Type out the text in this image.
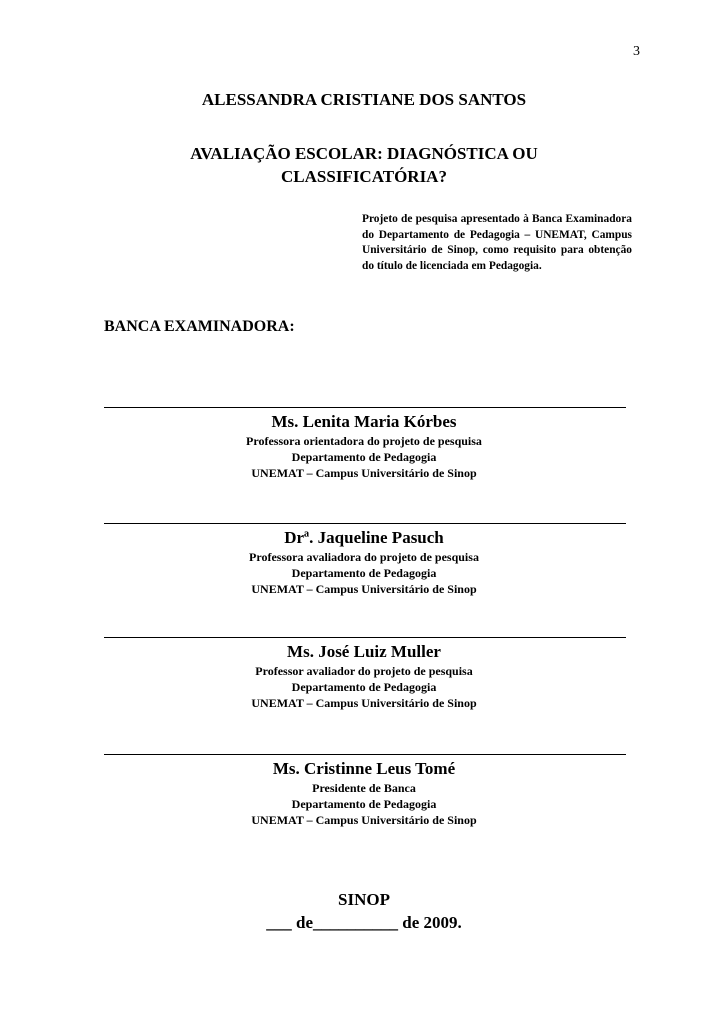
3
ALESSANDRA CRISTIANE DOS SANTOS
AVALIAÇÃO ESCOLAR: DIAGNÓSTICA OU
CLASSIFICATÓRIA?
Projeto de pesquisa apresentado à Banca Examinadora do Departamento de Pedagogia – UNEMAT, Campus Universitário de Sinop, como requisito para obtenção do título de licenciada em Pedagogia.
BANCA EXAMINADORA:
Ms. Lenita Maria Kórbes
Professora orientadora do projeto de pesquisa
Departamento de Pedagogia
UNEMAT – Campus Universitário de Sinop
Drª. Jaqueline Pasuch
Professora avaliadora do projeto de pesquisa
Departamento de Pedagogia
UNEMAT – Campus Universitário de Sinop
Ms. José Luiz Muller
Professor avaliador do projeto de pesquisa
Departamento de Pedagogia
UNEMAT – Campus Universitário de Sinop
Ms. Cristinne Leus Tomé
Presidente de Banca
Departamento de Pedagogia
UNEMAT – Campus Universitário de Sinop
SINOP
___ de__________ de 2009.
